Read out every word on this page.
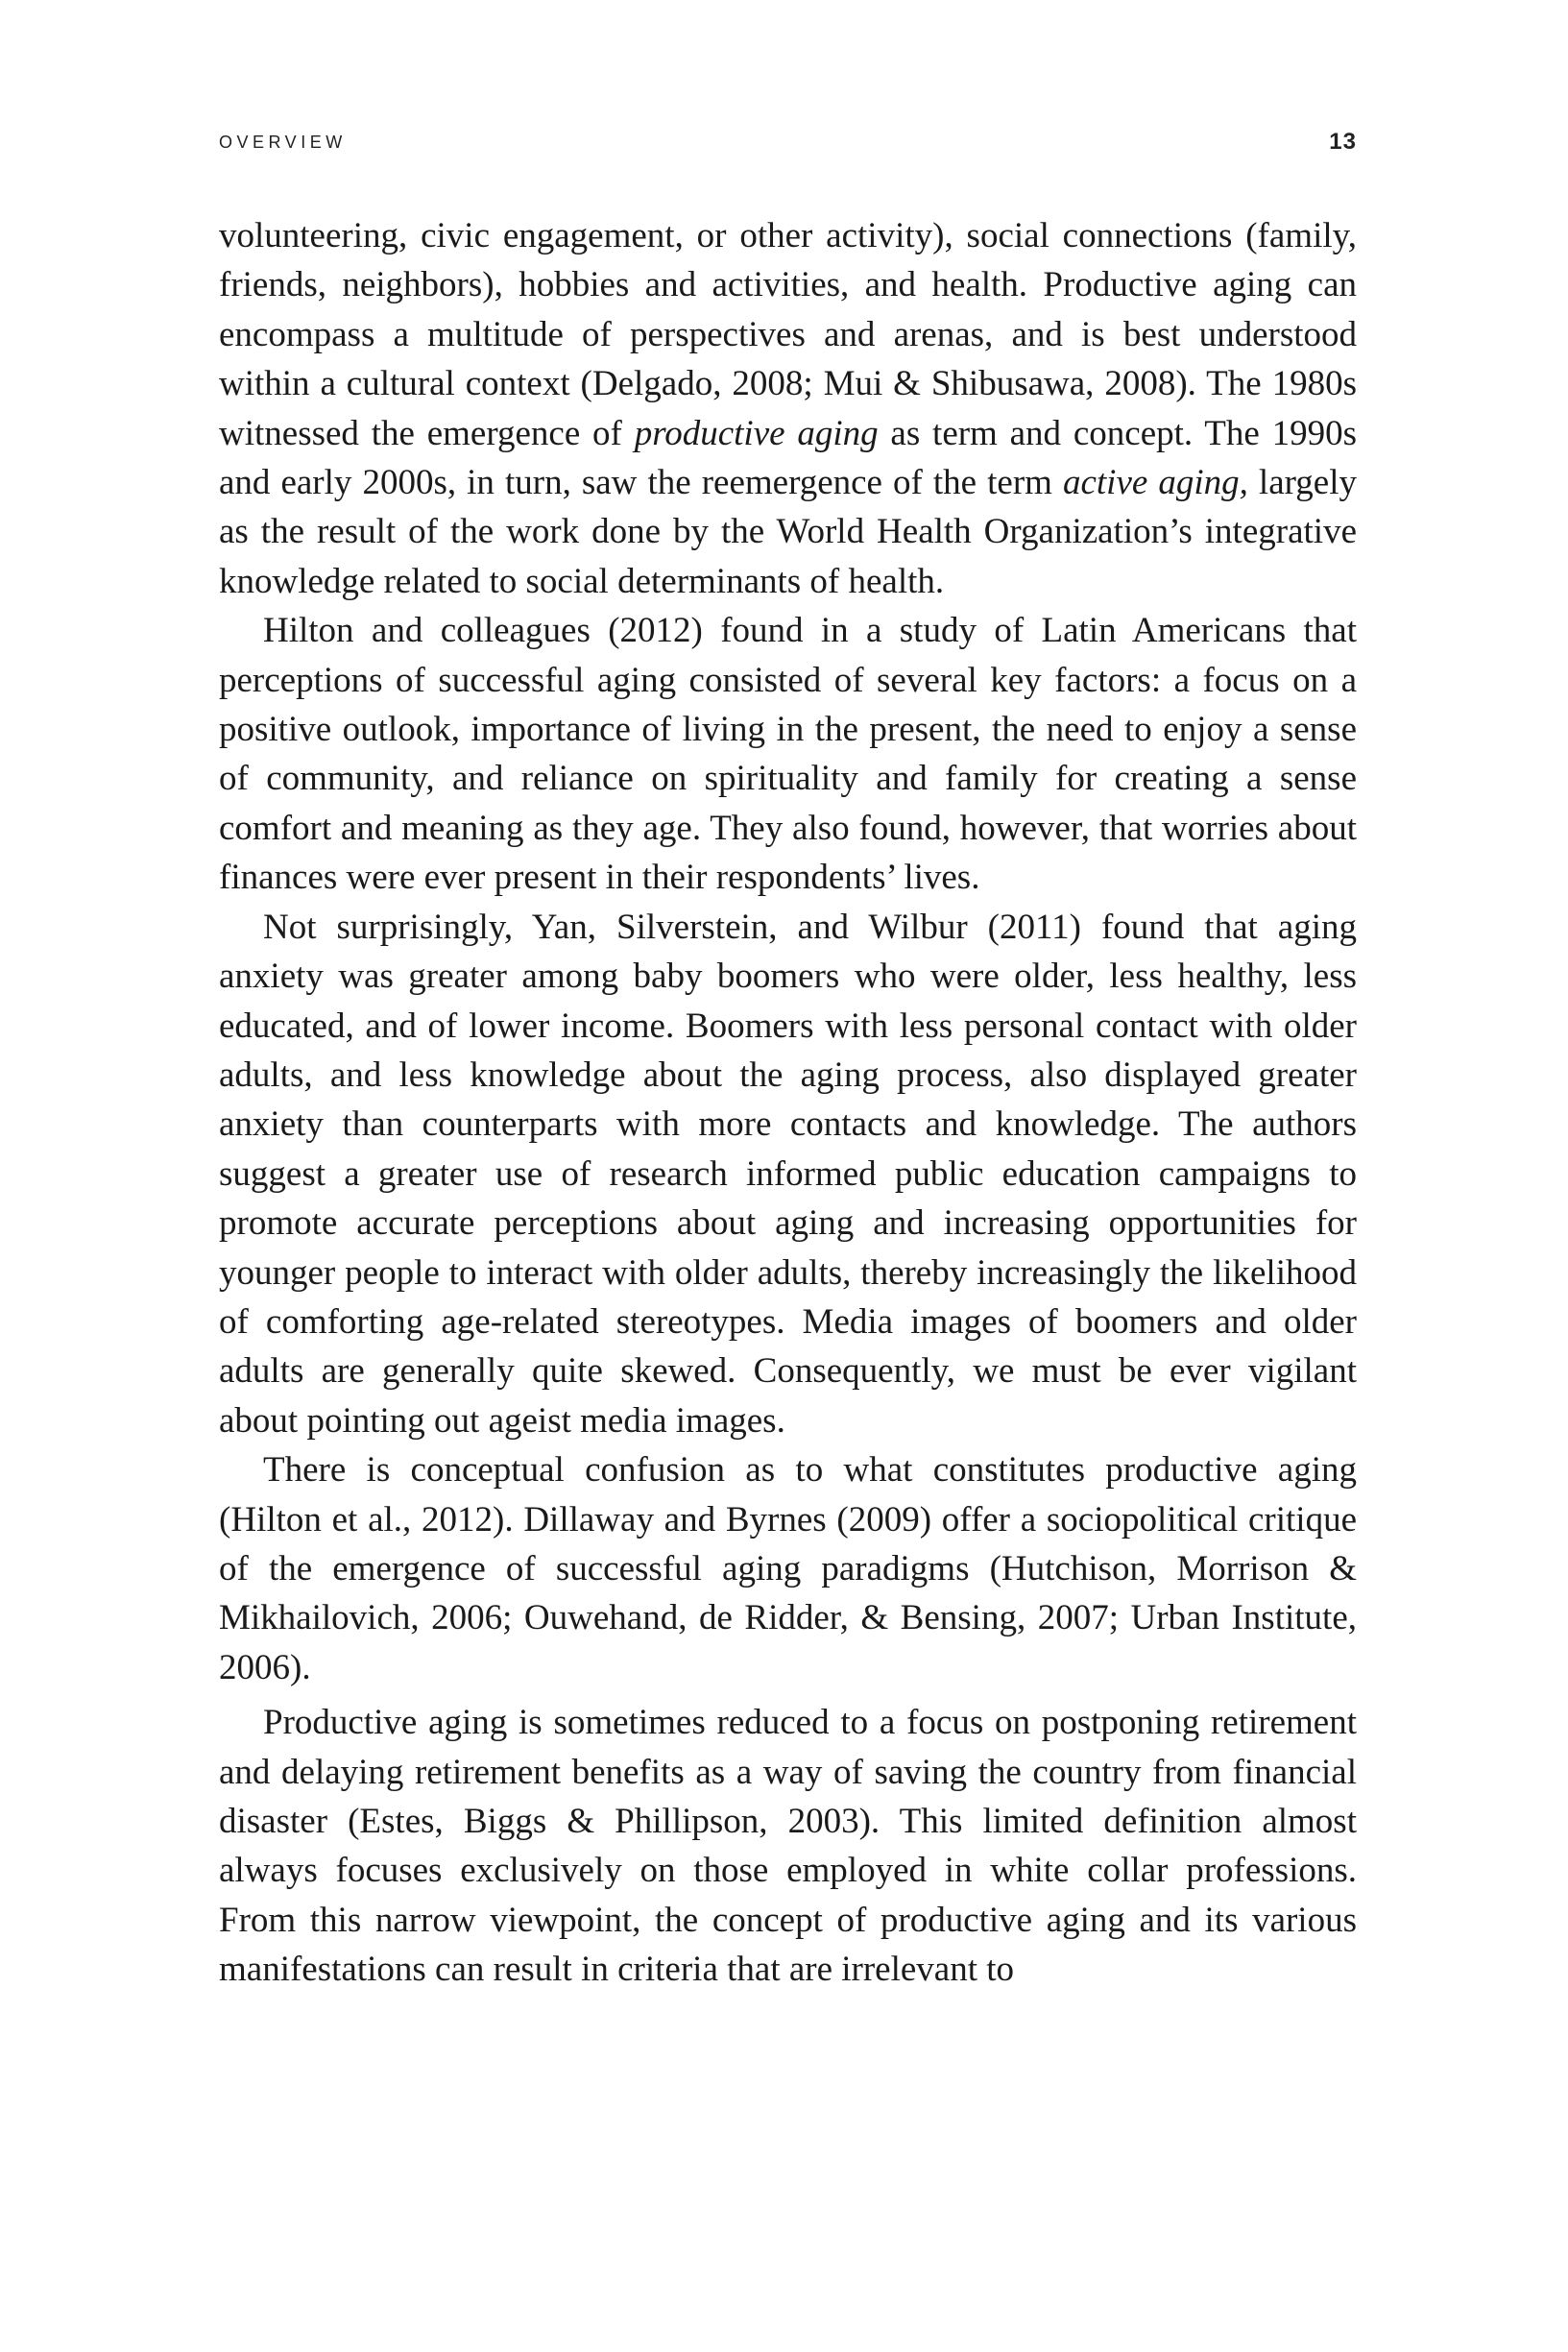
OVERVIEW	13

volunteering, civic engagement, or other activity), social connections (family, friends, neighbors), hobbies and activities, and health. Productive aging can encompass a multitude of perspectives and arenas, and is best understood within a cultural context (Delgado, 2008; Mui & Shibusawa, 2008). The 1980s witnessed the emergence of productive aging as term and concept. The 1990s and early 2000s, in turn, saw the reemergence of the term active aging, largely as the result of the work done by the World Health Organization’s integrative knowledge related to social determinants of health.

Hilton and colleagues (2012) found in a study of Latin Americans that perceptions of successful aging consisted of several key factors: a focus on a positive outlook, importance of living in the present, the need to enjoy a sense of community, and reliance on spirituality and family for creating a sense comfort and meaning as they age. They also found, however, that worries about finances were ever present in their respondents’ lives.

Not surprisingly, Yan, Silverstein, and Wilbur (2011) found that aging anxiety was greater among baby boomers who were older, less healthy, less educated, and of lower income. Boomers with less personal contact with older adults, and less knowledge about the aging process, also displayed greater anxiety than counterparts with more contacts and knowledge. The authors suggest a greater use of research informed public education campaigns to promote accurate perceptions about aging and increasing opportunities for younger people to interact with older adults, thereby increasingly the likelihood of comforting age-related stereotypes. Media images of boomers and older adults are generally quite skewed. Consequently, we must be ever vigilant about pointing out ageist media images.

There is conceptual confusion as to what constitutes productive aging (Hilton et al., 2012). Dillaway and Byrnes (2009) offer a sociopolitical critique of the emergence of successful aging paradigms (Hutchison, Morrison & Mikhailovich, 2006; Ouwehand, de Ridder, & Bensing, 2007; Urban Institute, 2006).

Productive aging is sometimes reduced to a focus on postponing retirement and delaying retirement benefits as a way of saving the country from financial disaster (Estes, Biggs & Phillipson, 2003). This limited definition almost always focuses exclusively on those employed in white collar professions. From this narrow viewpoint, the concept of productive aging and its various manifestations can result in criteria that are irrelevant to
